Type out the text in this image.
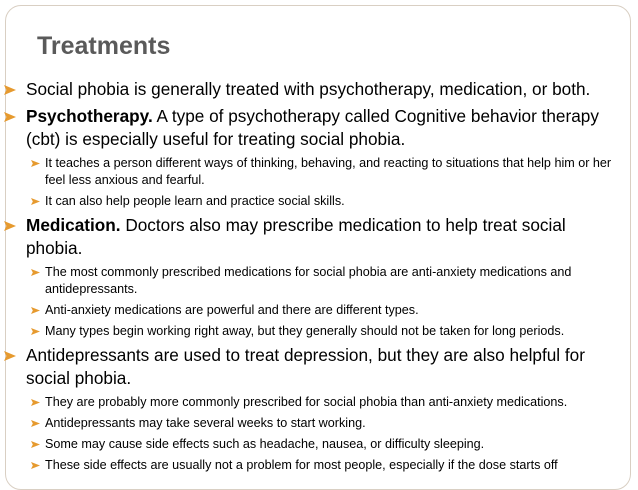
Treatments
Social phobia is generally treated with psychotherapy, medication, or both.
Psychotherapy. A type of psychotherapy called Cognitive behavior therapy (cbt) is especially useful for treating social phobia.
It teaches a person different ways of thinking, behaving, and reacting to situations that help him or her feel less anxious and fearful.
It can also help people learn and practice social skills.
Medication. Doctors also may prescribe medication to help treat social phobia.
The most commonly prescribed medications for social phobia are anti-anxiety medications and antidepressants.
Anti-anxiety medications are powerful and there are different types.
Many types begin working right away, but they generally should not be taken for long periods.
Antidepressants are used to treat depression, but they are also helpful for social phobia.
They are probably more commonly prescribed for social phobia than anti-anxiety medications.
Antidepressants may take several weeks to start working.
Some may cause side effects such as headache, nausea, or difficulty sleeping.
These side effects are usually not a problem for most people, especially if the dose starts off
